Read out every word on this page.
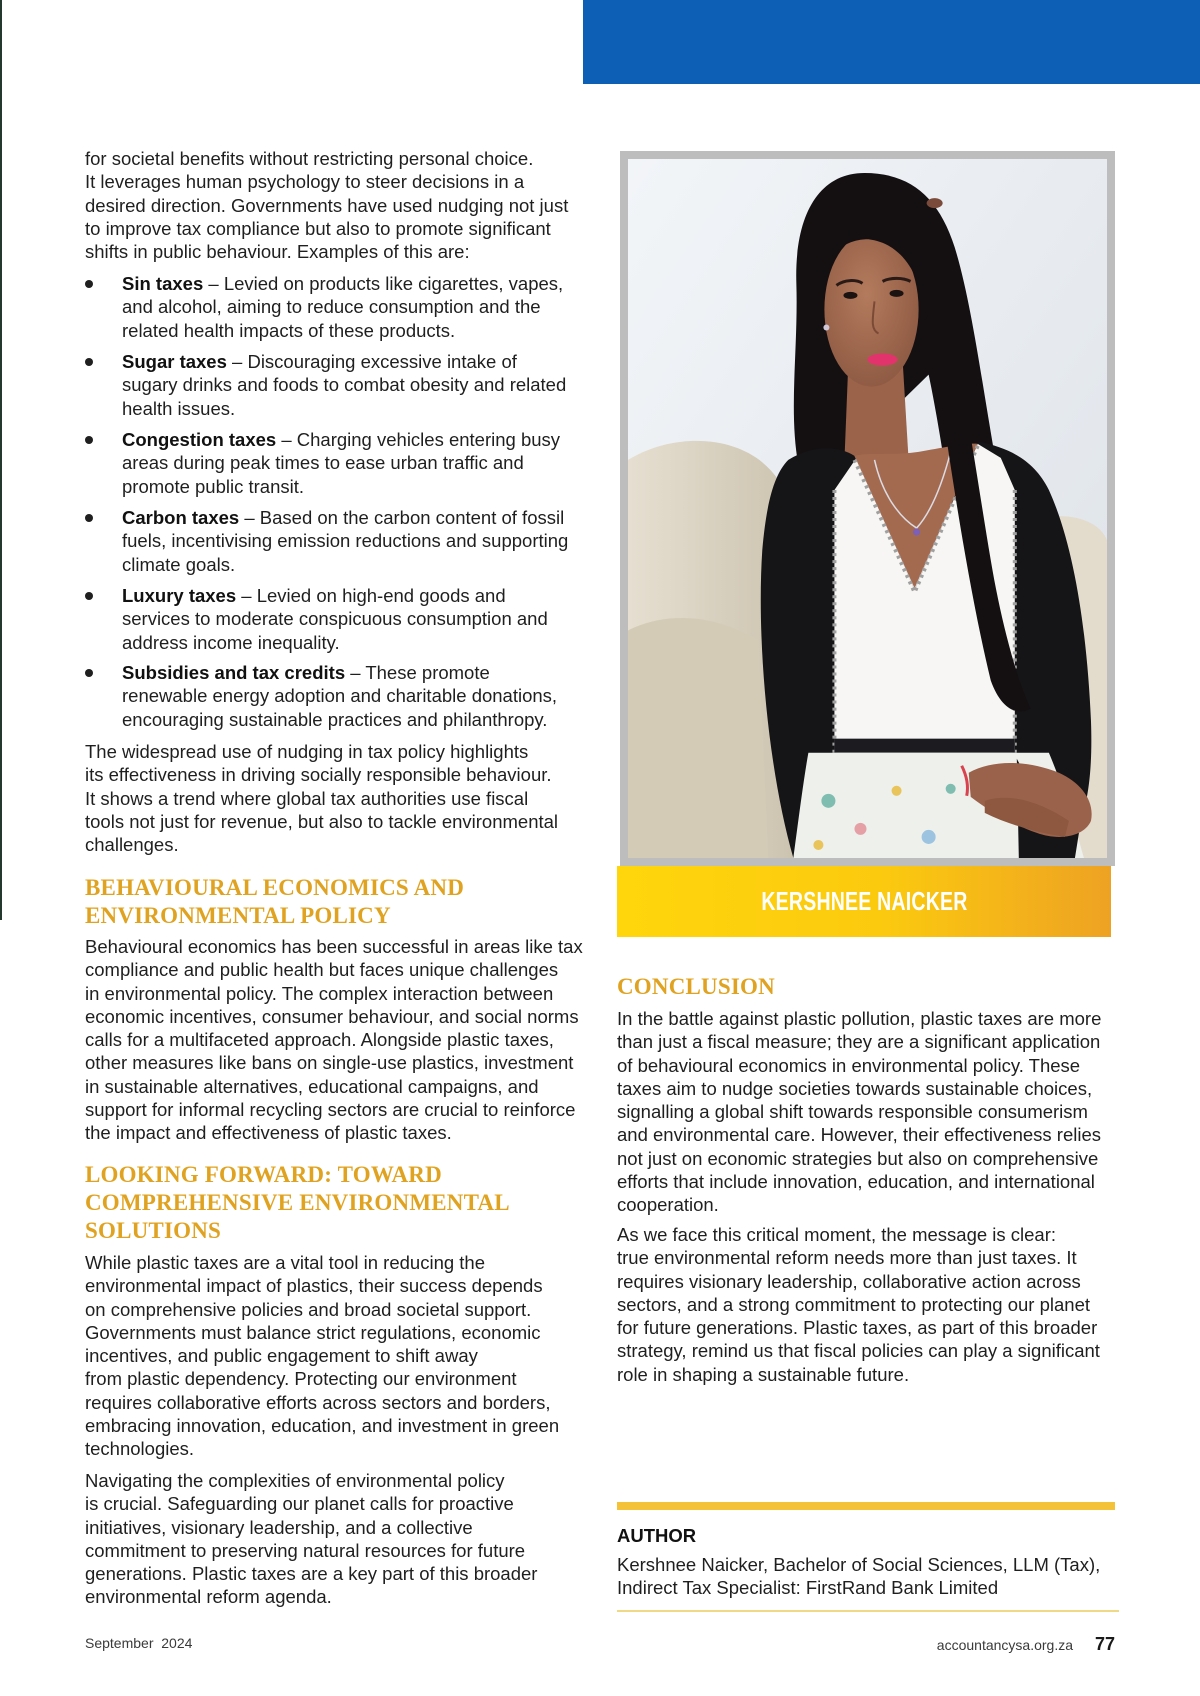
for societal benefits without restricting personal choice.
It leverages human psychology to steer decisions in a
desired direction. Governments have used nudging not just
to improve tax compliance but also to promote significant
shifts in public behaviour. Examples of this are:

Sin taxes – Levied on products like cigarettes, vapes,
and alcohol, aiming to reduce consumption and the
related health impacts of these products.

Sugar taxes – Discouraging excessive intake of
sugary drinks and foods to combat obesity and related
health issues.

Congestion taxes – Charging vehicles entering busy
areas during peak times to ease urban traffic and
promote public transit.

Carbon taxes – Based on the carbon content of fossil
fuels, incentivising emission reductions and supporting
climate goals.

Luxury taxes – Levied on high-end goods and
services to moderate conspicuous consumption and
address income inequality.

Subsidies and tax credits – These promote
renewable energy adoption and charitable donations,
encouraging sustainable practices and philanthropy.

The widespread use of nudging in tax policy highlights
its effectiveness in driving socially responsible behaviour.
It shows a trend where global tax authorities use fiscal
tools not just for revenue, but also to tackle environmental
challenges.

BEHAVIOURAL ECONOMICS AND
ENVIRONMENTAL POLICY

Behavioural economics has been successful in areas like tax
compliance and public health but faces unique challenges
in environmental policy. The complex interaction between
economic incentives, consumer behaviour, and social norms
calls for a multifaceted approach. Alongside plastic taxes,
other measures like bans on single-use plastics, investment
in sustainable alternatives, educational campaigns, and
support for informal recycling sectors are crucial to reinforce
the impact and effectiveness of plastic taxes.

LOOKING FORWARD: TOWARD
COMPREHENSIVE ENVIRONMENTAL
SOLUTIONS

While plastic taxes are a vital tool in reducing the
environmental impact of plastics, their success depends
on comprehensive policies and broad societal support.
Governments must balance strict regulations, economic
incentives, and public engagement to shift away
from plastic dependency. Protecting our environment
requires collaborative efforts across sectors and borders,
embracing innovation, education, and investment in green
technologies.

Navigating the complexities of environmental policy
is crucial. Safeguarding our planet calls for proactive
initiatives, visionary leadership, and a collective
commitment to preserving natural resources for future
generations. Plastic taxes are a key part of this broader
environmental reform agenda.

KERSHNEE NAICKER
CONCLUSION

In the battle against plastic pollution, plastic taxes are more
than just a fiscal measure; they are a significant application
of behavioural economics in environmental policy. These
taxes aim to nudge societies towards sustainable choices,
signalling a global shift towards responsible consumerism
and environmental care. However, their effectiveness relies
not just on economic strategies but also on comprehensive
efforts that include innovation, education, and international
cooperation.

As we face this critical moment, the message is clear:
true environmental reform needs more than just taxes. It
requires visionary leadership, collaborative action across
sectors, and a strong commitment to protecting our planet
for future generations. Plastic taxes, as part of this broader
strategy, remind us that fiscal policies can play a significant
role in shaping a sustainable future.

AUTHOR

Kershnee Naicker, Bachelor of Social Sciences, LLM (Tax),
Indirect Tax Specialist: FirstRand Bank Limited

September  2024	accountancysa.org.za 77
